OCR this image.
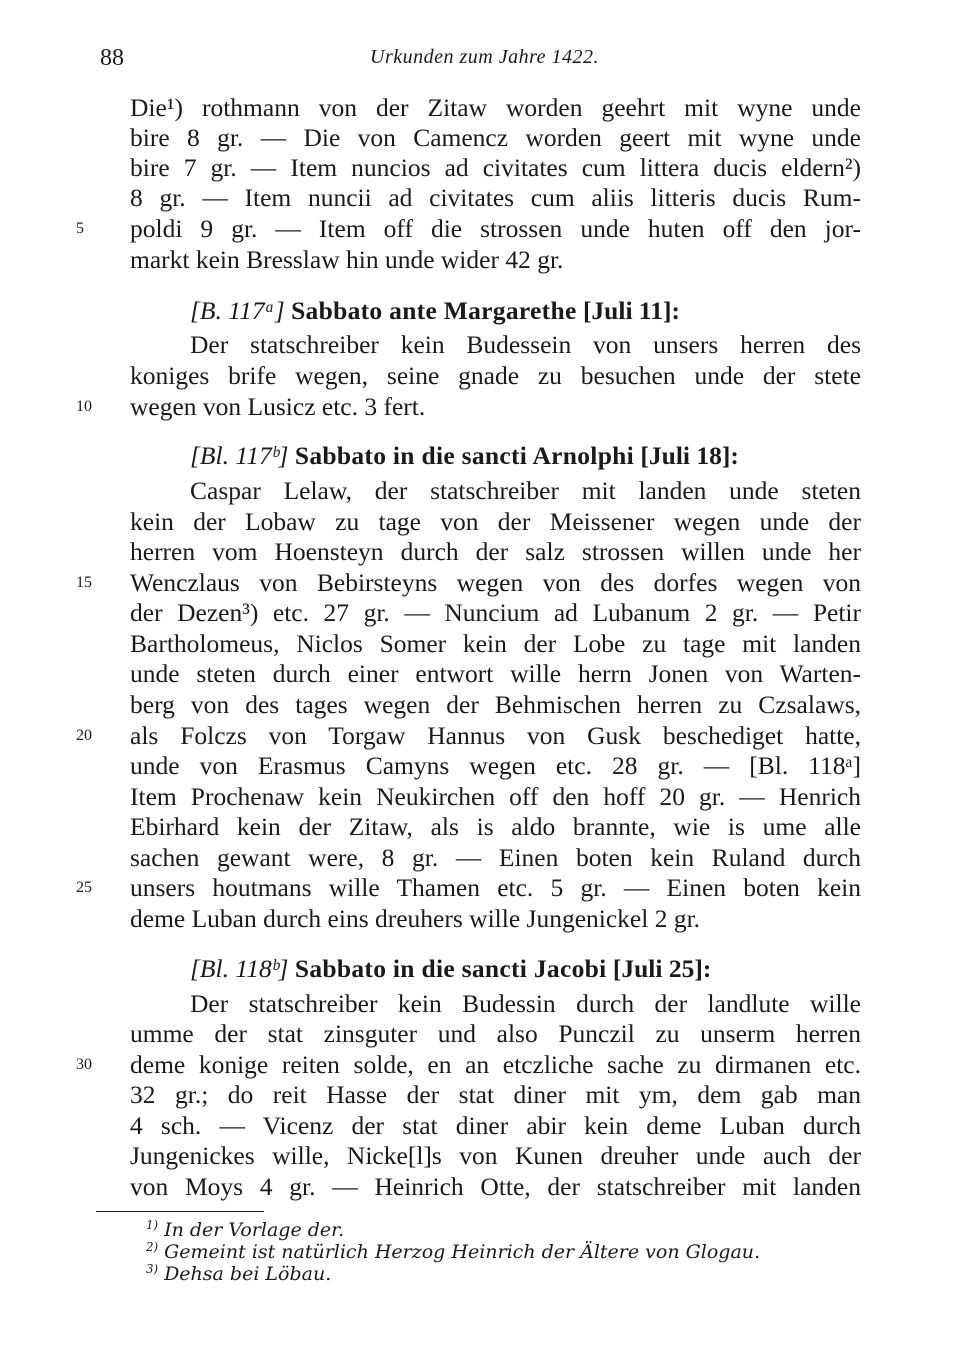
88	Urkunden zum Jahre 1422.
Die¹) rothmann von der Zitaw worden geehrt mit wyne unde
bire 8 gr. — Die von Camencz worden geert mit wyne unde
bire 7 gr. — Item nuncios ad civitates cum littera ducis eldern²)
8 gr. — Item nuncii ad civitates cum aliis litteris ducis Rum-
poldi 9 gr. — Item off die strossen unde huten off den jor-
markt kein Bresslaw hin unde wider 42 gr.
[B. 117ᵃ] Sabbato ante Margarethe [Juli 11]:
Der statschreiber kein Budessein von unsers herren des
koniges brife wegen, seine gnade zu besuchen unde der stete
wegen von Lusicz etc. 3 fert.
[Bl. 117ᵇ] Sabbato in die sancti Arnolphi [Juli 18]:
Caspar Lelaw, der statschreiber mit landen unde steten
kein der Lobaw zu tage von der Meissener wegen unde der
herren vom Hoensteyn durch der salz strossen willen unde her
Wenczlaus von Bebirsteyns wegen von des dorfes wegen von
der Dezen³) etc. 27 gr. — Nuncium ad Lubanum 2 gr. — Petir
Bartholomeus, Niclos Somer kein der Lobe zu tage mit landen
unde steten durch einer entwort wille herrn Jonen von Warten-
berg von des tages wegen der Behmischen herren zu Czsalaws,
als Folczs von Torgaw Hannus von Gusk beschediget hatte,
unde von Erasmus Camyns wegen etc. 28 gr. — [Bl. 118ᵃ]
Item Prochenaw kein Neukirchen off den hoff 20 gr. — Henrich
Ebirhard kein der Zitaw, als is aldo brannte, wie is ume alle
sachen gewant were, 8 gr. — Einen boten kein Ruland durch
unsers houtmans wille Thamen etc. 5 gr. — Einen boten kein
deme Luban durch eins dreuhers wille Jungenickel 2 gr.
[Bl. 118ᵇ] Sabbato in die sancti Jacobi [Juli 25]:
Der statschreiber kein Budessin durch der landlute wille
umme der stat zinsguter und also Punczil zu unserm herren
deme konige reiten solde, en an etczliche sache zu dirmanen etc.
32 gr.; do reit Hasse der stat diner mit ym, dem gab man
4 sch. — Vicenz der stat diner abir kein deme Luban durch
Jungenickes wille, Nicke[l]s von Kunen dreuher unde auch der
von Moys 4 gr. — Heinrich Otte, der statschreiber mit landen
5
10
15
20
25
30
$^{1)}$ In der Vorlage der.
$^{2)}$ Gemeint ist natürlich Herzog Heinrich der Ältere von Glogau.
$^{3)}$ Dehsa bei Löbau.
